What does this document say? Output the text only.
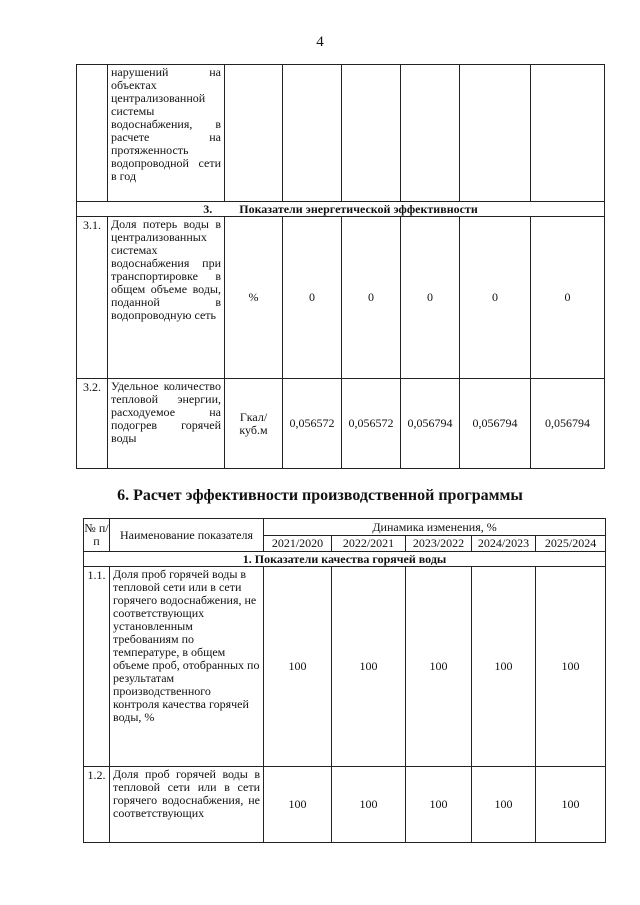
4
	нарушений на объектах централизованной системы водоснабжения, в расчете на протяженность водопроводной сети в год						
3. Показатели энергетической эффективности							
3.1.	Доля потерь воды в централизованных системах водоснабжения при транспортировке в общем объеме воды, поданной в водопроводную сеть	%	0	0	0	0	0
3.2.	Удельное количество тепловой энергии, расходуемое на подогрев горячей воды	Гкал/ куб.м	0,056572	0,056572	0,056794	0,056794	0,056794
6. Расчет эффективности производственной программы
№ п/п	Наименование показателя	Динамика изменения, %				
		2021/2020	2022/2021	2023/2022	2024/2023	2025/2024
1. Показатели качества горячей воды						
1.1.	Доля проб горячей воды в тепловой сети или в сети горячего водоснабжения, не соответствующих установленным требованиям по температуре, в общем объеме проб, отобранных по результатам производственного контроля качества горячей воды, %	100	100	100	100	100
1.2.	Доля проб горячей воды в тепловой сети или в сети горячего водоснабжения, не соответствующих	100	100	100	100	100
